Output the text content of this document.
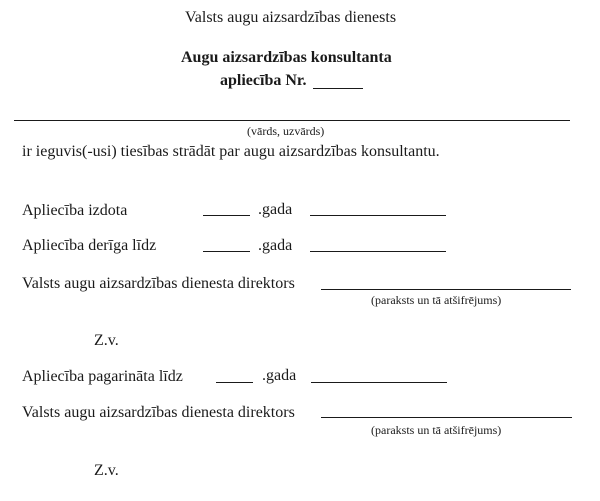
Valsts augu aizsardzības dienests
Augu aizsardzības konsultanta
apliecība Nr.
(vārds, uzvārds)
ir ieguvis(-usi) tiesības strādāt par augu aizsardzības konsultantu.
Apliecība izdota	.gada
Apliecība derīga līdz	.gada
Valsts augu aizsardzības dienesta direktors
(paraksts un tā atšifrējums)
Z.v.
Apliecība pagarināta līdz	.gada
Valsts augu aizsardzības dienesta direktors
(paraksts un tā atšifrējums)
Z.v.
